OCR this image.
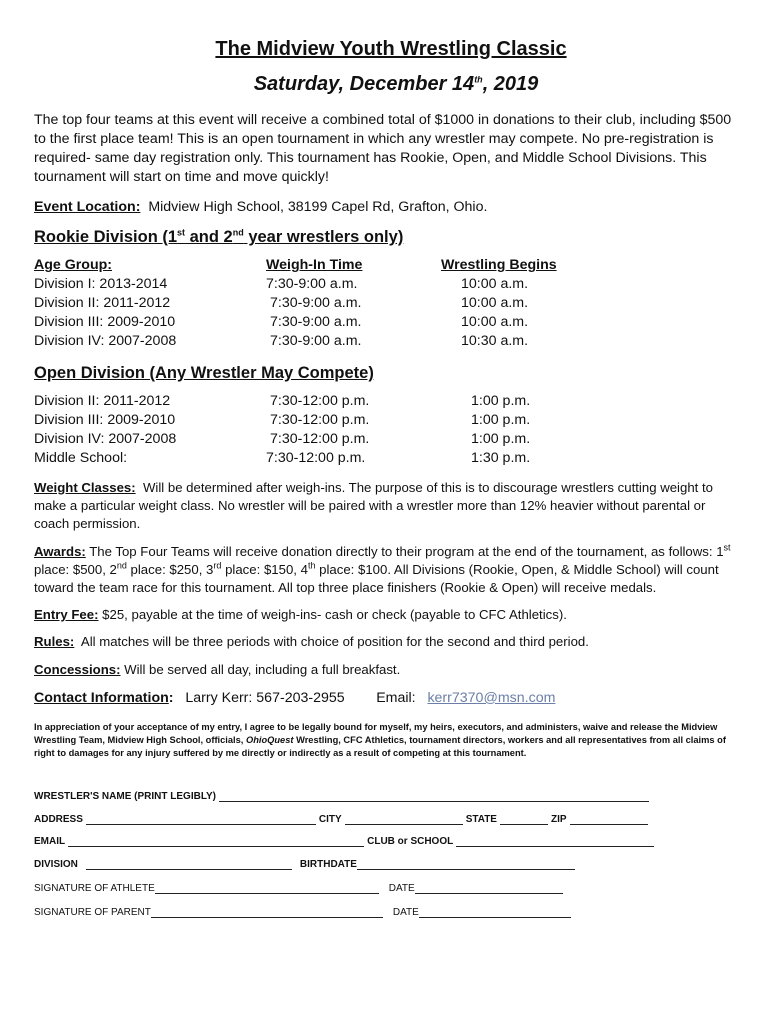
The Midview Youth Wrestling Classic
Saturday, December 14th, 2019

The top four teams at this event will receive a combined total of $1000 in donations to their club, including $500 to the first place team! This is an open tournament in which any wrestler may compete. No pre-registration is required- same day registration only. This tournament has Rookie, Open, and Middle School Divisions. This tournament will start on time and move quickly!

Event Location: Midview High School, 38199 Capel Rd, Grafton, Ohio.

Rookie Division (1st and 2nd year wrestlers only)
Age Group:	Weigh-In Time	Wrestling Begins
Division I: 2013-2014	7:30-9:00 a.m.	10:00 a.m.
Division II: 2011-2012	7:30-9:00 a.m.	10:00 a.m.
Division III: 2009-2010	7:30-9:00 a.m.	10:00 a.m.
Division IV: 2007-2008	7:30-9:00 a.m.	10:30 a.m.
Open Division (Any Wrestler May Compete)
Division II: 2011-2012	7:30-12:00 p.m.	1:00 p.m.
Division III: 2009-2010	7:30-12:00 p.m.	1:00 p.m.
Division IV: 2007-2008	7:30-12:00 p.m.	1:00 p.m.
Middle School:	7:30-12:00 p.m.	1:30 p.m.

Weight Classes: Will be determined after weigh-ins. The purpose of this is to discourage wrestlers cutting weight to make a particular weight class. No wrestler will be paired with a wrestler more than 12% heavier without parental or coach permission.

Awards: The Top Four Teams will receive donation directly to their program at the end of the tournament, as follows: 1st place: $500, 2nd place: $250, 3rd place: $150, 4th place: $100. All Divisions (Rookie, Open, & Middle School) will count toward the team race for this tournament. All top three place finishers (Rookie & Open) will receive medals.

Entry Fee: $25, payable at the time of weigh-ins- cash or check (payable to CFC Athletics).

Rules: All matches will be three periods with choice of position for the second and third period.

Concessions: Will be served all day, including a full breakfast.

Contact Information: Larry Kerr: 567-203-2955 Email: kerr7370@msn.com

In appreciation of your acceptance of my entry, I agree to be legally bound for myself, my heirs, executors, and administers, waive and release the Midview Wrestling Team, Midview High School, officials, OhioQuest Wrestling, CFC Athletics, tournament directors, workers and all representatives from all claims of right to damages for any injury suffered by me directly or indirectly as a result of competing at this tournament.

WRESTLER'S NAME (PRINT LEGIBLY)
ADDRESS	CITY	STATE	ZIP
EMAIL	CLUB or SCHOOL
DIVISION	BIRTHDATE
SIGNATURE OF ATHLETE	DATE
SIGNATURE OF PARENT	DATE
